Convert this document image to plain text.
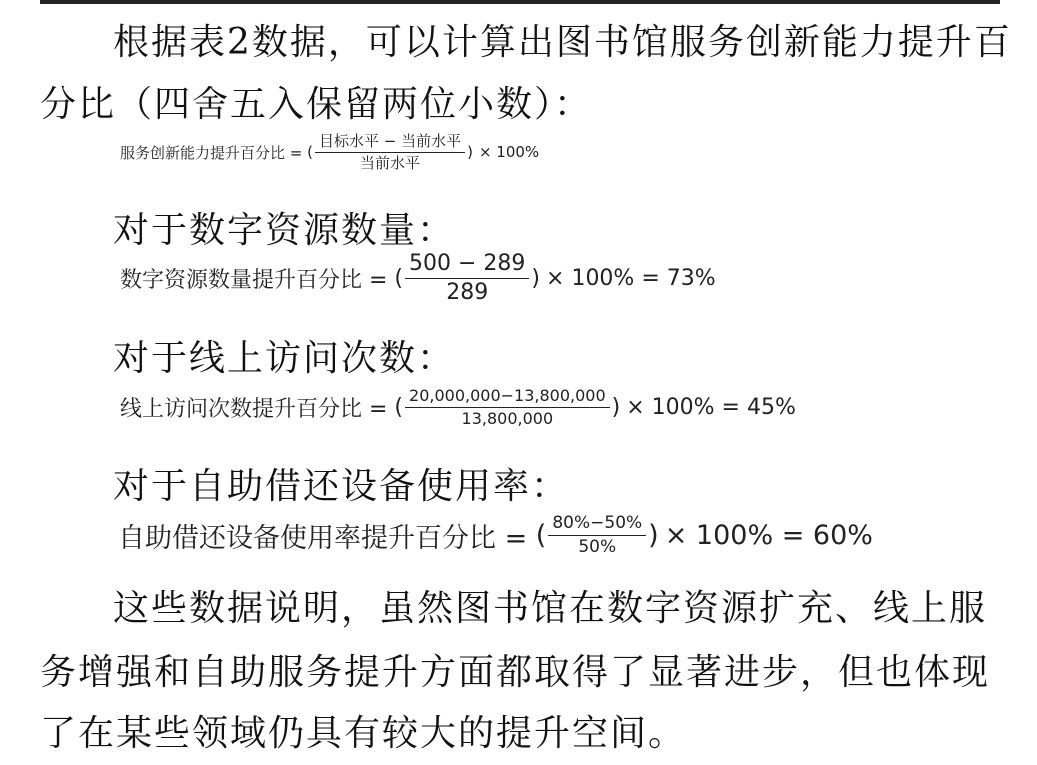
根据表2数据，可以计算出图书馆服务创新能力提升百
分比（四舍五入保留两位小数）：
服务创新能力提升百分比 = ( $\frac{\text{目标水平 − 当前水平}}{\text{当前水平}}$ ) × 100%
对于数字资源数量：
数字资源数量提升百分比 = ( $\frac{500 - 289}{289}$ ) × 100% = 73%
对于线上访问次数：
线上访问次数提升百分比 = ( $\frac{20,000,000-13,800,000}{13,800,000}$ ) × 100% = 45%
对于自助借还设备使用率：
自助借还设备使用率提升百分比 = ( $\frac{80\%-50\%}{50\%}$ ) × 100% = 60%
这些数据说明，虽然图书馆在数字资源扩充、线上服
务增强和自助服务提升方面都取得了显著进步，但也体现
了在某些领域仍具有较大的提升空间。
